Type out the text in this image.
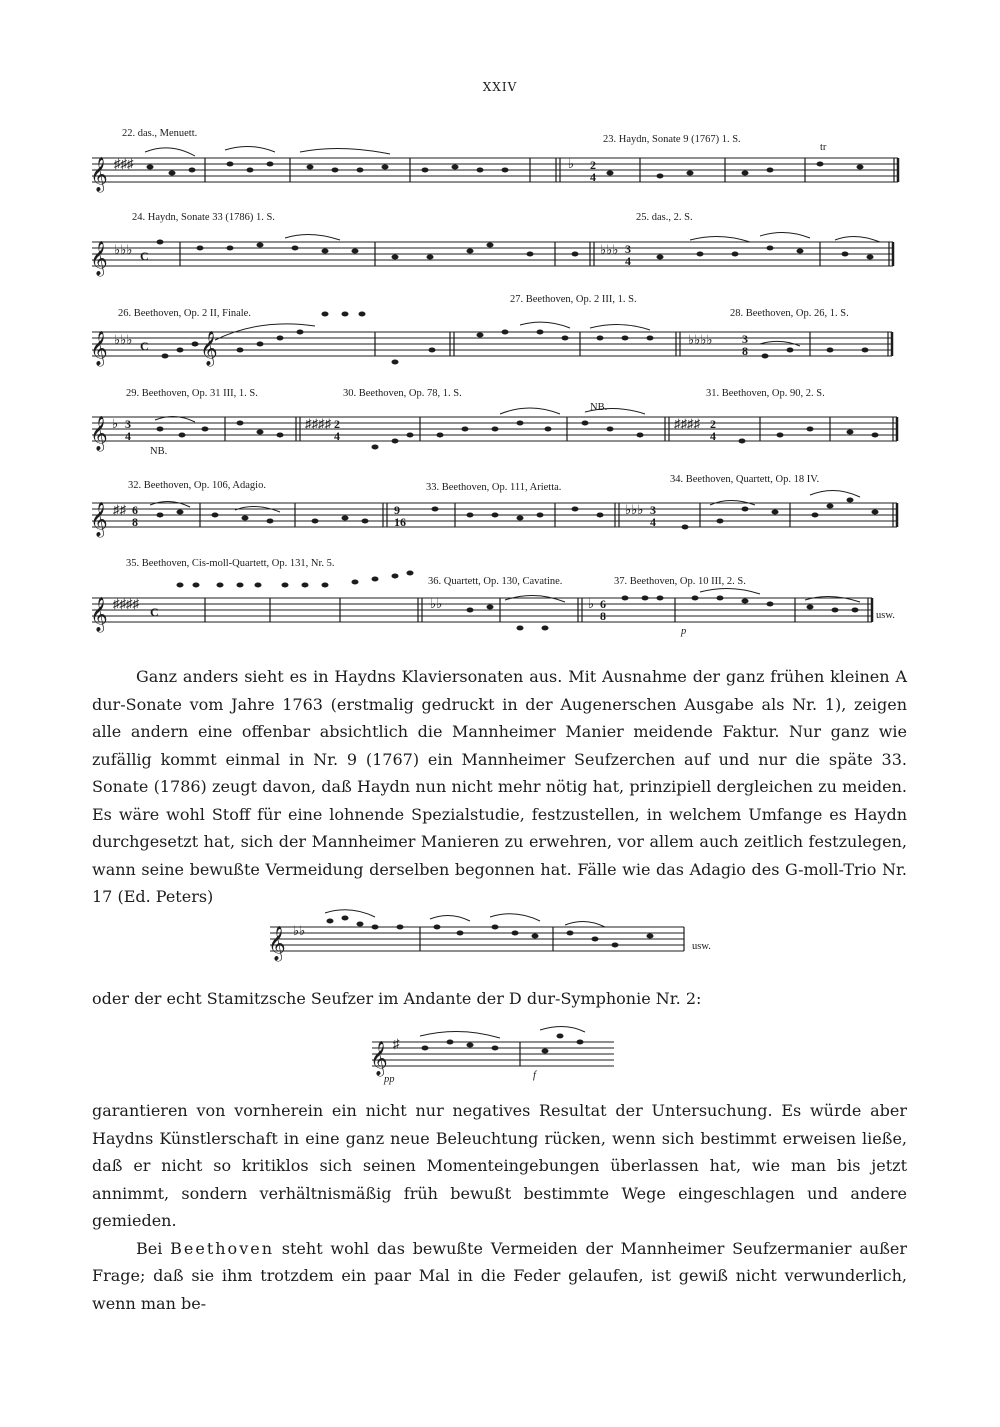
XXIV
22. das., Menuett.
23. Haydn, Sonate 9 (1767) 1. S.
𝄞 ♯♯♯	♭ 2
4
tr
24. Haydn, Sonate 33 (1786) 1. S.	25. das., 2. S.
𝄞 ♭♭♭ C	♭♭♭ 3
4
26. Beethoven, Op. 2 II, Finale.
27. Beethoven, Op. 2 III, 1. S.
28. Beethoven, Op. 26, 1. S.
𝄞 ♭♭♭ C 𝄞	♭♭♭♭ 3
8
29. Beethoven, Op. 31 III, 1. S.	30. Beethoven, Op. 78, 1. S.	31. Beethoven, Op. 90, 2. S.
NB.
NB.
𝄞 ♭ 3
4
♯♯♯♯ 2
4
♯♯♯♯ 2
4
32. Beethoven, Op. 106, Adagio.	33. Beethoven, Op. 111, Arietta.
34. Beethoven, Quartett, Op. 18 IV.
𝄞 ♯♯ 6
8
9
16
♭♭♭ 3
4
35. Beethoven, Cis-moll-Quartett, Op. 131, Nr. 5.
36. Quartett, Op. 130, Cavatine.	37. Beethoven, Op. 10 III, 2. S.
𝄞 ♯♯♯♯
C
♭♭	♭ 6
8	usw.
p

Ganz anders sieht es in Haydns Klaviersonaten aus. Mit Ausnahme der ganz frühen kleinen A dur-Sonate vom Jahre 1763 (erstmalig gedruckt in der Augenerschen Ausgabe als Nr. 1), zeigen alle andern eine offenbar absichtlich die Mannheimer Manier meidende Faktur. Nur ganz wie zufällig kommt einmal in Nr. 9 (1767) ein Mannheimer Seufzerchen auf und nur die späte 33. Sonate (1786) zeugt davon, daß Haydn nun nicht mehr nötig hat, prinzipiell dergleichen zu meiden. Es wäre wohl Stoff für eine lohnende Spezialstudie, festzustellen, in welchem Umfange es Haydn durchgesetzt hat, sich der Mannheimer Manieren zu erwehren, vor allem auch zeitlich festzulegen, wann seine bewußte Vermeidung derselben begonnen hat. Fälle wie das Adagio des G-moll-Trio Nr. 17 (Ed. Peters)

𝄞 ♭♭
usw.

oder der echt Stamitzsche Seufzer im Andante der D dur-Symphonie Nr. 2:

𝄞 ♯
pp	f

garantieren von vornherein ein nicht nur negatives Resultat der Untersuchung. Es würde aber Haydns Künstlerschaft in eine ganz neue Beleuchtung rücken, wenn sich bestimmt erweisen ließe, daß er nicht so kritiklos sich seinen Momenteingebungen überlassen hat, wie man bis jetzt annimmt, sondern verhältnismäßig früh bewußt bestimmte Wege eingeschlagen und andere gemieden.

Bei Beethoven steht wohl das bewußte Vermeiden der Mannheimer Seufzermanier außer Frage; daß sie ihm trotzdem ein paar Mal in die Feder gelaufen, ist gewiß nicht verwunderlich, wenn man be-
